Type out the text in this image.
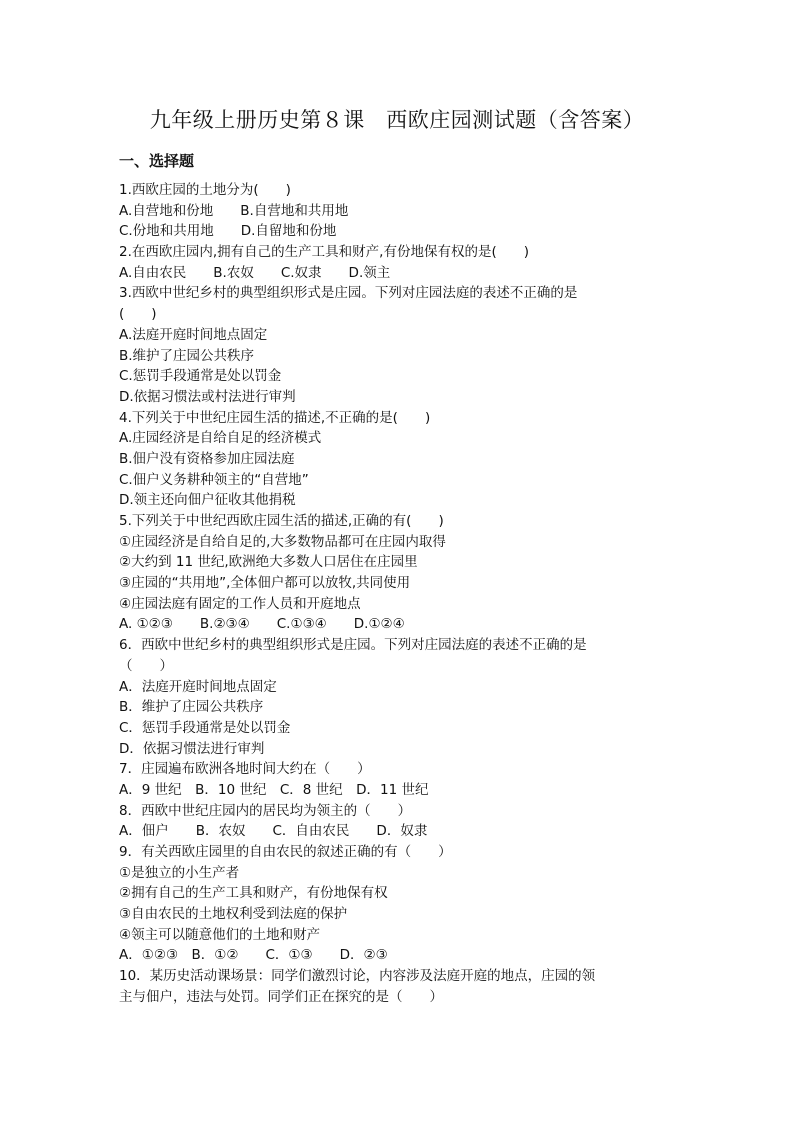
九年级上册历史第８课　西欧庄园测试题（含答案）
一、选择题
1.西欧庄园的土地分为(　　)
A.自营地和份地　　B.自营地和共用地
C.份地和共用地　　D.自留地和份地
2.在西欧庄园内,拥有自己的生产工具和财产,有份地保有权的是(　　)
A.自由农民　　B.农奴　　C.奴隶　　D.领主
3.西欧中世纪乡村的典型组织形式是庄园。下列对庄园法庭的表述不正确的是
(　　)
A.法庭开庭时间地点固定
B.维护了庄园公共秩序
C.惩罚手段通常是处以罚金
D.依据习惯法或村法进行审判
4.下列关于中世纪庄园生活的描述,不正确的是(　　)
A.庄园经济是自给自足的经济模式
B.佃户没有资格参加庄园法庭
C.佃户义务耕种领主的“自营地”
D.领主还向佃户征收其他捐税
5.下列关于中世纪西欧庄园生活的描述,正确的有(　　)
①庄园经济是自给自足的,大多数物品都可在庄园内取得
②大约到 11 世纪,欧洲绝大多数人口居住在庄园里
③庄园的“共用地”,全体佃户都可以放牧,共同使用
④庄园法庭有固定的工作人员和开庭地点
A. ①②③　　B.②③④　　C.①③④　　D.①②④
6．西欧中世纪乡村的典型组织形式是庄园。下列对庄园法庭的表述不正确的是
（　　）
A．法庭开庭时间地点固定
B．维护了庄园公共秩序
C．惩罚手段通常是处以罚金
D．依据习惯法进行审判
7．庄园遍布欧洲各地时间大约在（　　）
A．9 世纪　B．10 世纪　C．8 世纪　D．11 世纪
8．西欧中世纪庄园内的居民均为领主的（　　）
A．佃户　　B．农奴　　C．自由农民　　D．奴隶
9．有关西欧庄园里的自由农民的叙述正确的有（　　）
①是独立的小生产者
②拥有自己的生产工具和财产，有份地保有权
③自由农民的土地权利受到法庭的保护
④领主可以随意他们的土地和财产
A．①②③　B．①②　　C．①③　　D．②③
10．某历史活动课场景：同学们激烈讨论，内容涉及法庭开庭的地点，庄园的领
主与佃户，违法与处罚。同学们正在探究的是（　　）
